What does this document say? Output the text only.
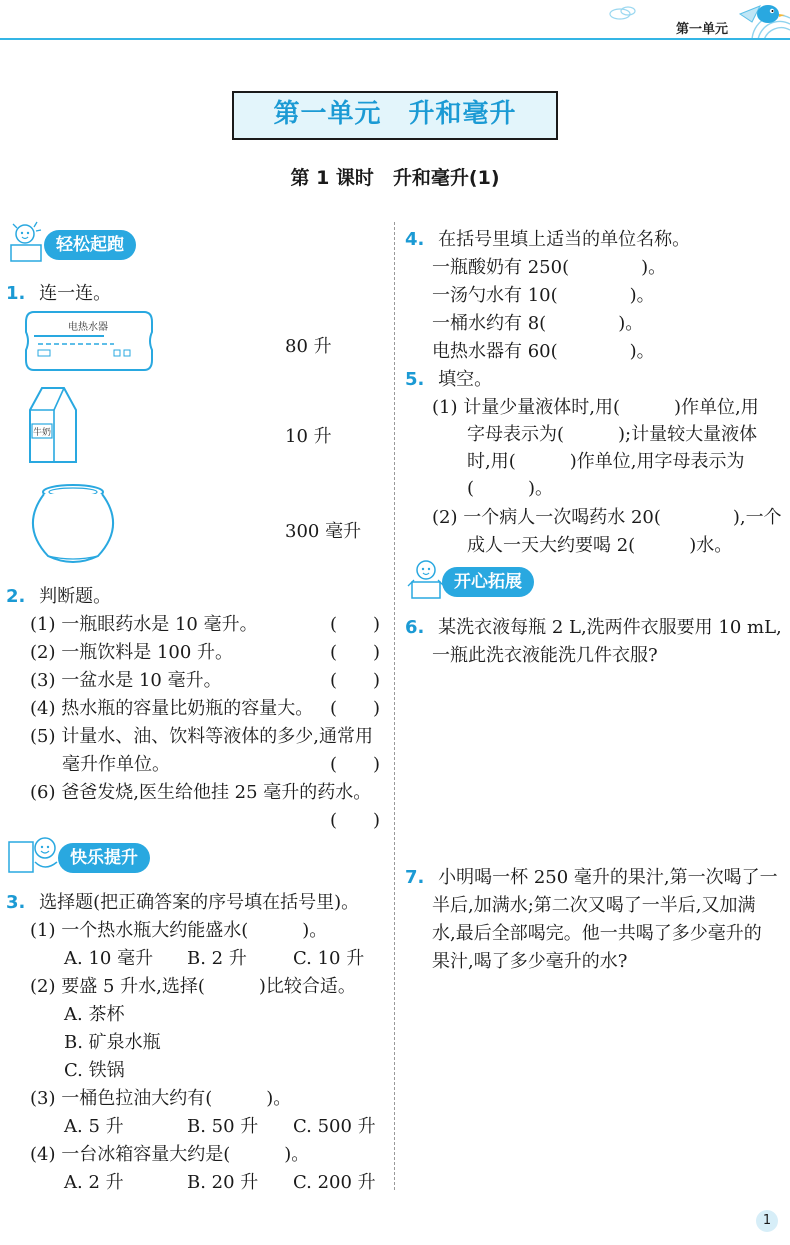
第一单元
第一单元　升和毫升
第 1 课时　升和毫升(1)
轻松起跑
1. 连一连。
电热水器
牛奶
80 升
10 升
300 毫升
2. 判断题。
(1) 一瓶眼药水是 10 毫升。	(　　)
(2) 一瓶饮料是 100 升。	(　　)
(3) 一盆水是 10 毫升。	(　　)
(4) 热水瓶的容量比奶瓶的容量大。 (　　)
(5) 计量水、油、饮料等液体的多少,通常用
毫升作单位。	(　　)
(6) 爸爸发烧,医生给他挂 25 毫升的药水。
(　　)
快乐提升
3. 选择题(把正确答案的序号填在括号里)。
(1) 一个热水瓶大约能盛水(　　　)。
A. 10 毫升 B. 2 升	C. 10 升
(2) 要盛 5 升水,选择(　　　)比较合适。
A. 茶杯
B. 矿泉水瓶
C. 铁锅
(3) 一桶色拉油大约有(　　　)。
A. 5 升	B. 50 升 C. 500 升
(4) 一台冰箱容量大约是(　　　)。
A. 2 升	B. 20 升 C. 200 升
4. 在括号里填上适当的单位名称。
一瓶酸奶有 250(　　　　)。
一汤勺水有 10(　　　　)。
一桶水约有 8(　　　　)。
电热水器有 60(　　　　)。
5. 填空。
(1) 计量少量液体时,用(　　　)作单位,用
字母表示为(　　　);计量较大量液体
时,用(　　　)作单位,用字母表示为
(　　　)。
(2) 一个病人一次喝药水 20(　　　　),一个
成人一天大约要喝 2(　　　)水。
开心拓展
6. 某洗衣液每瓶 2 L,洗两件衣服要用 10 mL,
一瓶此洗衣液能洗几件衣服?
7. 小明喝一杯 250 毫升的果汁,第一次喝了一
半后,加满水;第二次又喝了一半后,又加满
水,最后全部喝完。他一共喝了多少毫升的
果汁,喝了多少毫升的水?
1
